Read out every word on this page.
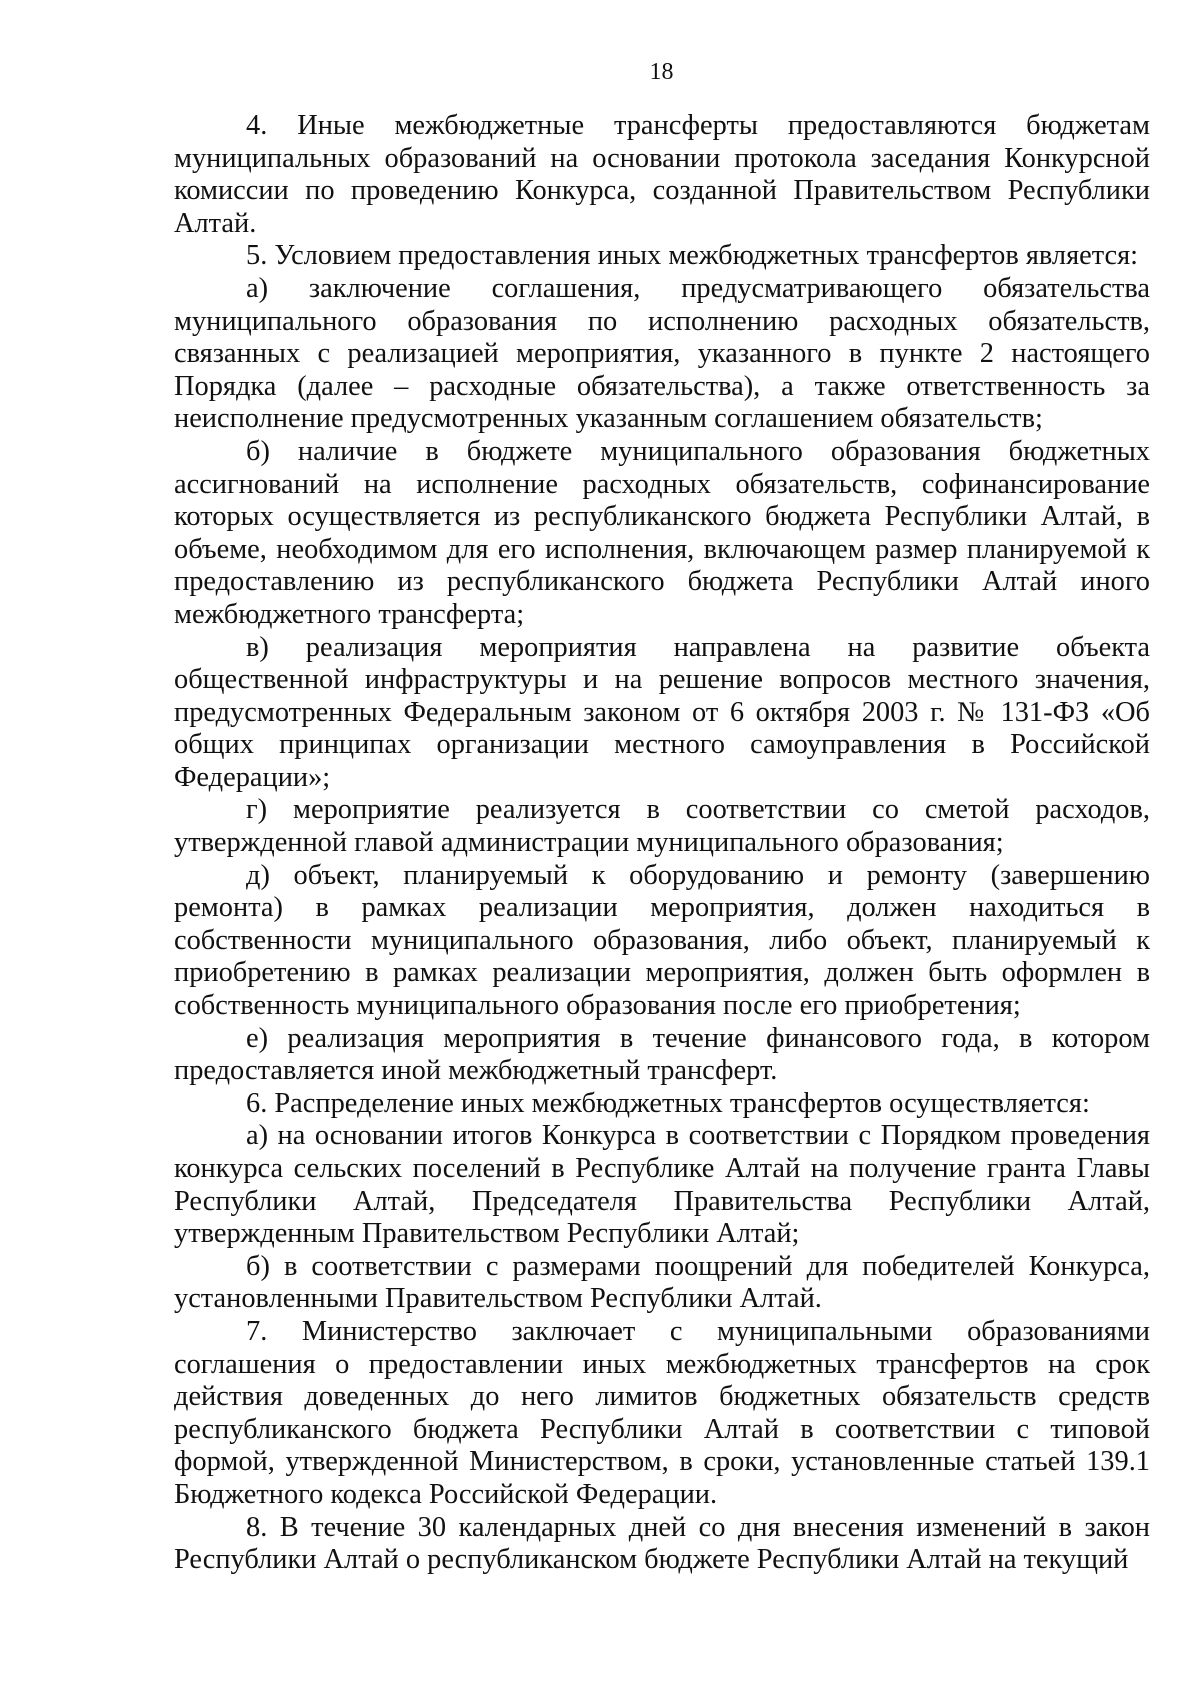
18

4. Иные межбюджетные трансферты предоставляются бюджетам муниципальных образований на основании протокола заседания Конкурсной комиссии по проведению Конкурса, созданной Правительством Республики Алтай.

5. Условием предоставления иных межбюджетных трансфертов является:

а) заключение соглашения, предусматривающего обязательства муниципального образования по исполнению расходных обязательств, связанных с реализацией мероприятия, указанного в пункте 2 настоящего Порядка (далее – расходные обязательства), а также ответственность за неисполнение предусмотренных указанным соглашением обязательств;

б) наличие в бюджете муниципального образования бюджетных ассигнований на исполнение расходных обязательств, софинансирование которых осуществляется из республиканского бюджета Республики Алтай, в объеме, необходимом для его исполнения, включающем размер планируемой к предоставлению из республиканского бюджета Республики Алтай иного межбюджетного трансферта;

в) реализация мероприятия направлена на развитие объекта общественной инфраструктуры и на решение вопросов местного значения, предусмотренных Федеральным законом от 6 октября 2003 г. № 131-ФЗ «Об общих принципах организации местного самоуправления в Российской Федерации»;

г) мероприятие реализуется в соответствии со сметой расходов, утвержденной главой администрации муниципального образования;

д) объект, планируемый к оборудованию и ремонту (завершению ремонта) в рамках реализации мероприятия, должен находиться в собственности муниципального образования, либо объект, планируемый к приобретению в рамках реализации мероприятия, должен быть оформлен в собственность муниципального образования после его приобретения;

е) реализация мероприятия в течение финансового года, в котором предоставляется иной межбюджетный трансферт.

6. Распределение иных межбюджетных трансфертов осуществляется:

а) на основании итогов Конкурса в соответствии с Порядком проведения конкурса сельских поселений в Республике Алтай на получение гранта Главы Республики Алтай, Председателя Правительства Республики Алтай, утвержденным Правительством Республики Алтай;

б) в соответствии с размерами поощрений для победителей Конкурса, установленными Правительством Республики Алтай.

7. Министерство заключает с муниципальными образованиями соглашения о предоставлении иных межбюджетных трансфертов на срок действия доведенных до него лимитов бюджетных обязательств средств республиканского бюджета Республики Алтай в соответствии с типовой формой, утвержденной Министерством, в сроки, установленные статьей 139.1 Бюджетного кодекса Российской Федерации.

8. В течение 30 календарных дней со дня внесения изменений в закон Республики Алтай о республиканском бюджете Республики Алтай на текущий
